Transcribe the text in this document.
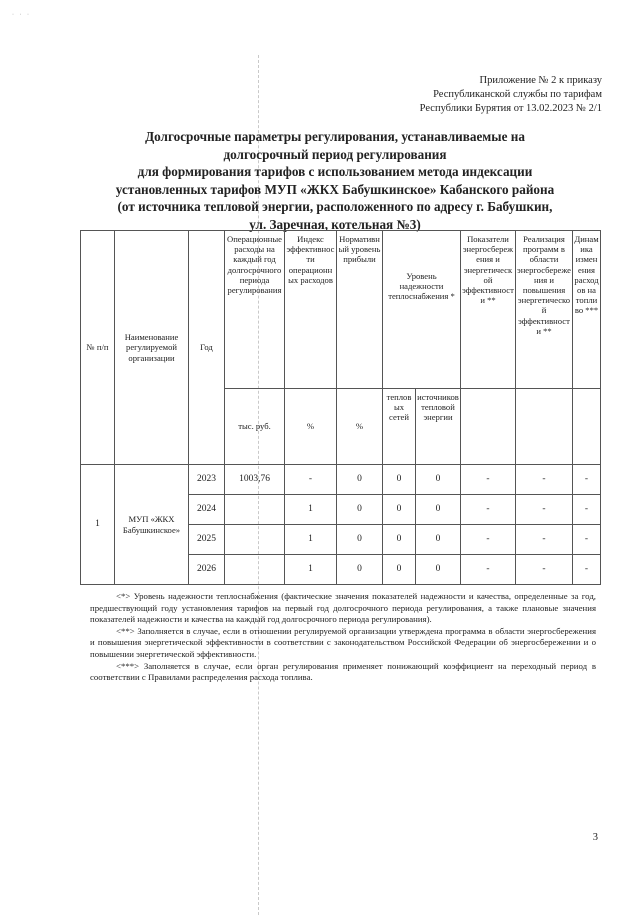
· · ·
Приложение № 2 к приказу
Республиканской службы по тарифам
Республики Бурятия от 13.02.2023 № 2/1
Долгосрочные параметры регулирования, устанавливаемые на
долгосрочный период регулирования
для формирования тарифов с использованием метода индексации
установленных тарифов МУП «ЖКХ Бабушкинское» Кабанского района
(от источника тепловой энергии, расположенного по адресу г. Бабушкин,
ул. Заречная, котельная №3)
№ п/п	Наименование регулируемой организации	Год	Операционные расходы на каждый год долгосрочного периода регулирования	Индекс эффективности операционных расходов	Нормативный уровень прибыли	Уровень надежности теплоснабжения *		Показатели энергосбережения и энергетической эффективности **	Реализация программ в области энергосбережения и повышения энергетической эффективности **	Динамика изменения расходов на топливо ***
			тыс. руб.	%	%	тепловых сетей	источников тепловой энергии			
1	МУП «ЖКХ Бабушкинское»	2023	1003,76	-	0	0	0	-	-	-
		2024		1	0	0	0	-	-	-
		2025		1	0	0	0	-	-	-
		2026		1	0	0	0	-	-	-

<*> Уровень надежности теплоснабжения (фактические значения показателей надежности и качества, определенные за год, предшествующий году установления тарифов на первый год долгосрочного периода регулирования, а также плановые значения показателей надежности и качества на каждый год долгосрочного периода регулирования).

<**> Заполняется в случае, если в отношении регулируемой организации утверждена программа в области энергосбережения и повышения энергетической эффективности в соответствии с законодательством Российской Федерации об энергосбережении и о повышении энергетической эффективности.

<***> Заполняется в случае, если орган регулирования применяет понижающий коэффициент на переходный период в соответствии с Правилами распределения расхода топлива.

3
